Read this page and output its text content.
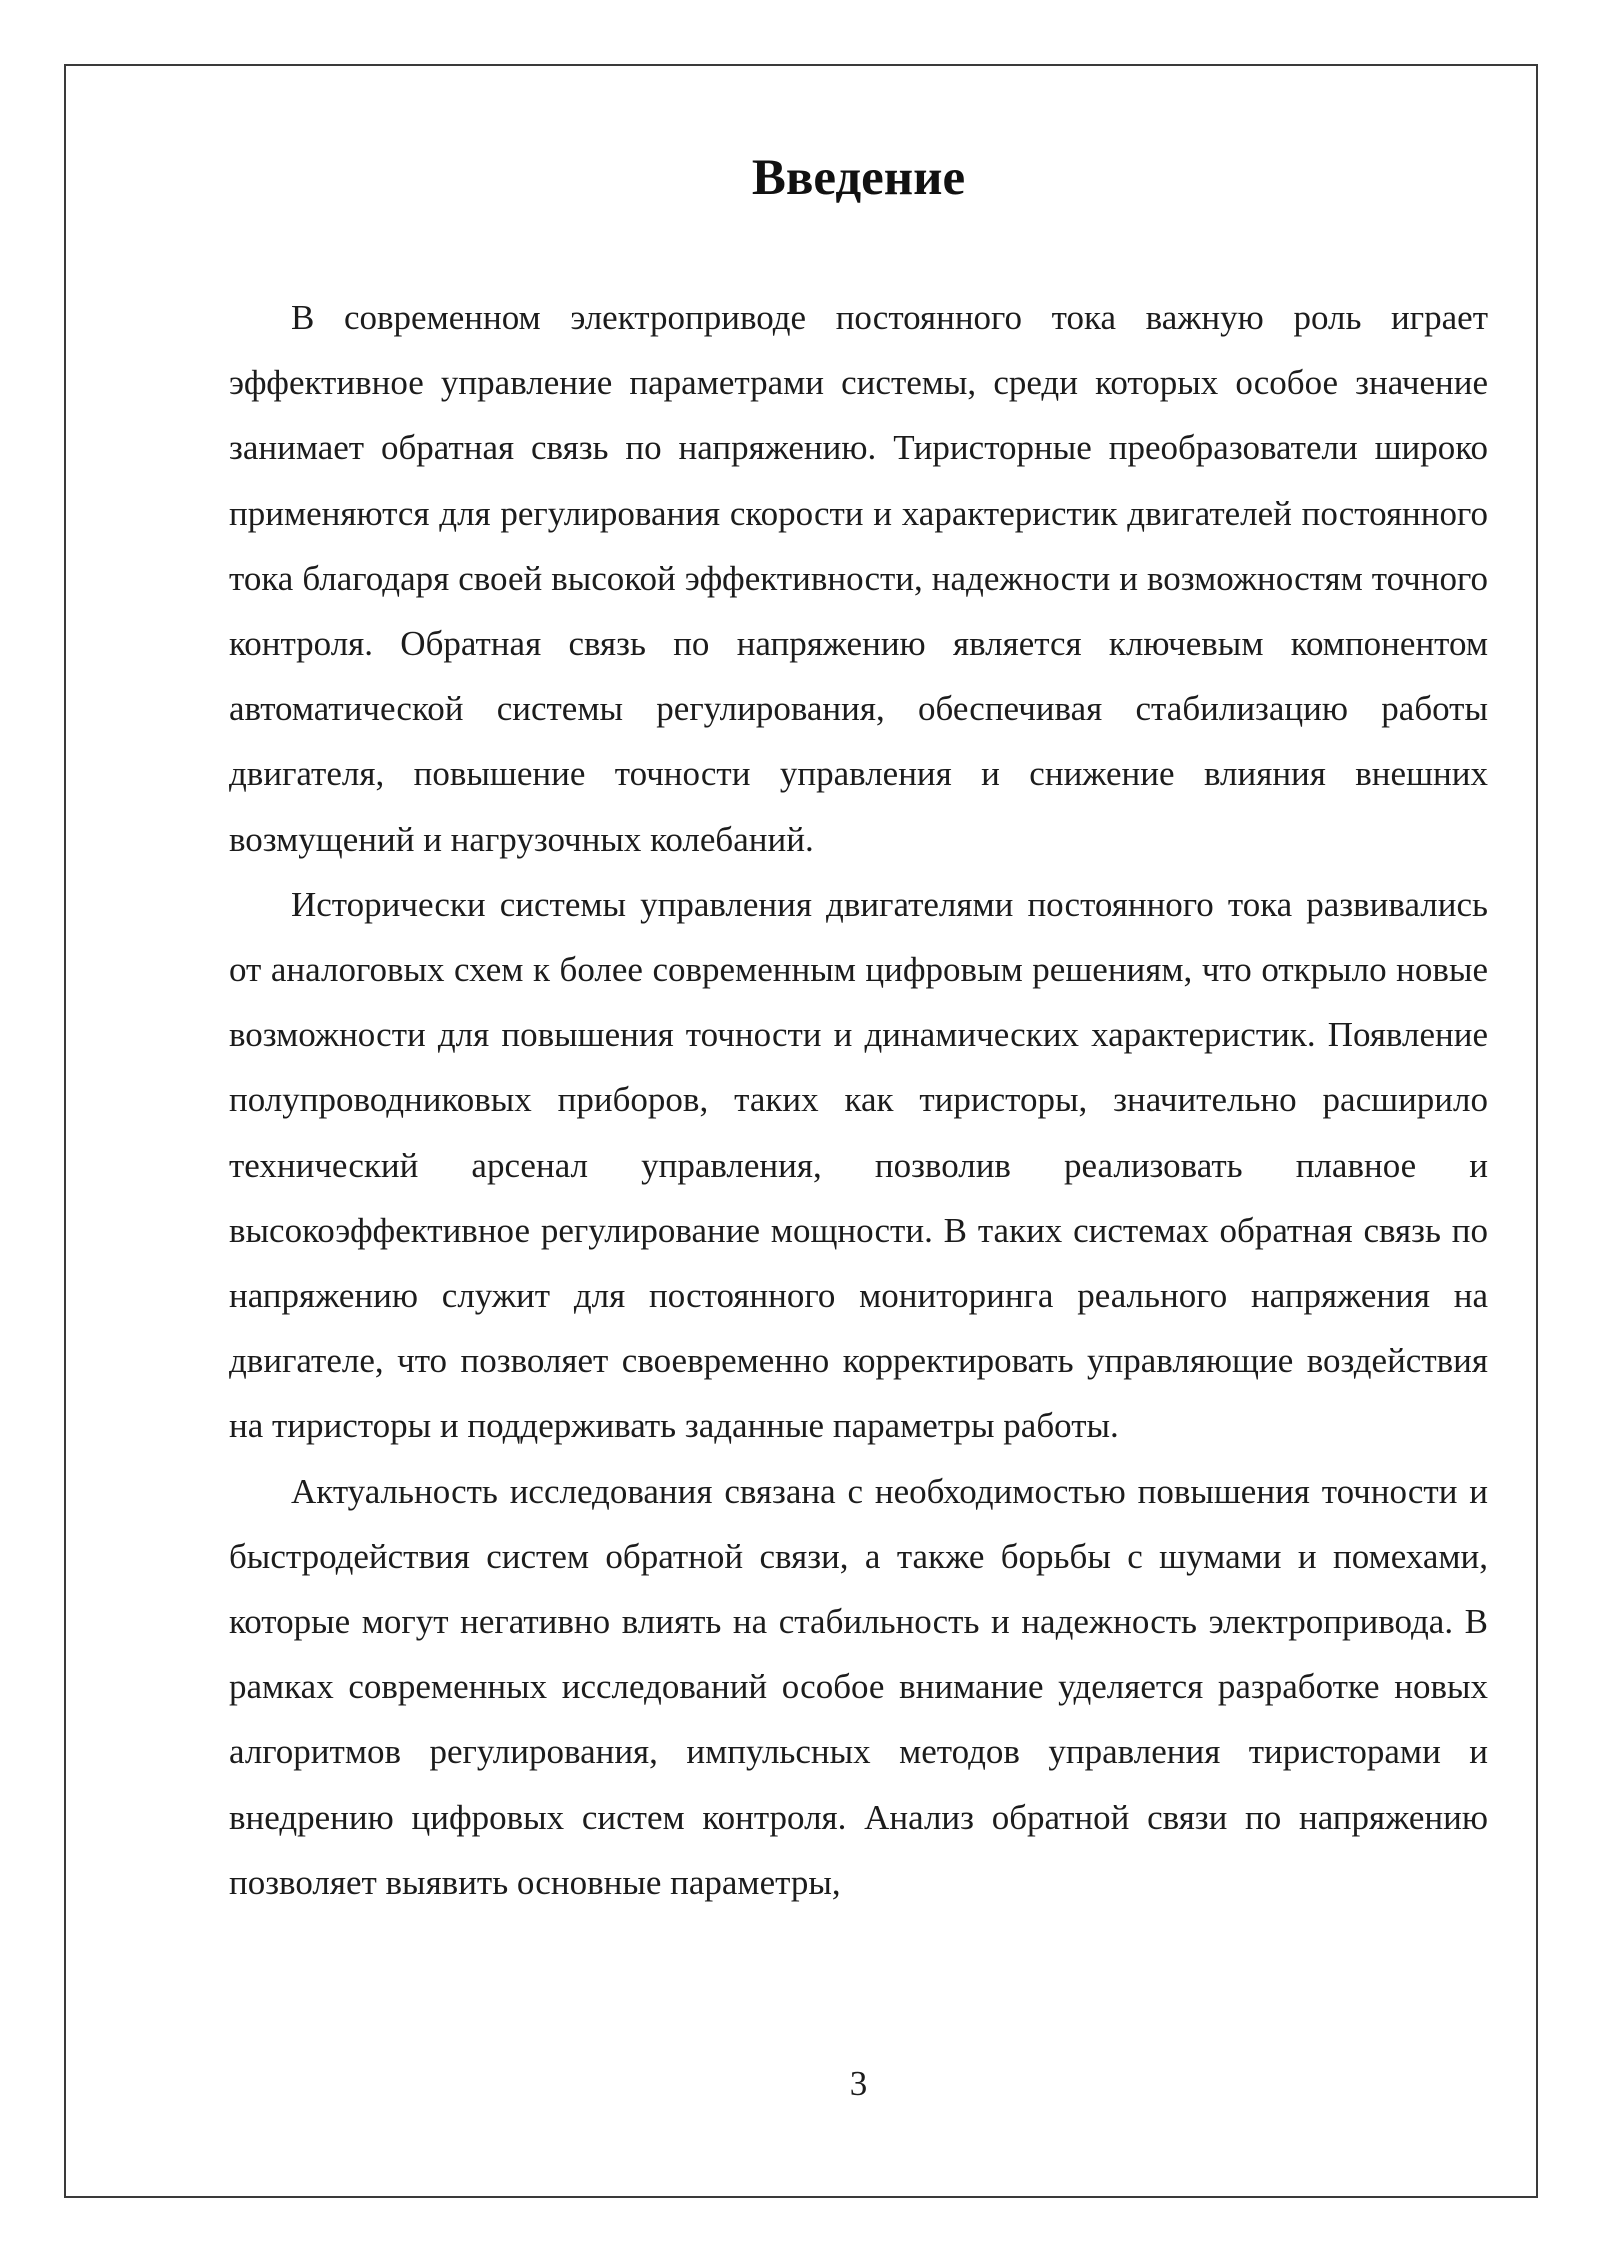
Введение

В современном электроприводе постоянного тока важную роль играет эффективное управление параметрами системы, среди которых особое значение занимает обратная связь по напряжению. Тиристорные преобразователи широко применяются для регулирования скорости и характеристик двигателей постоянного тока благодаря своей высокой эффективности, надежности и возможностям точного контроля. Обратная связь по напряжению является ключевым компонентом автоматической системы регулирования, обеспечивая стабилизацию работы двигателя, повышение точности управления и снижение влияния внешних возмущений и нагрузочных колебаний.

Исторически системы управления двигателями постоянного тока развивались от аналоговых схем к более современным цифровым решениям, что открыло новые возможности для повышения точности и динамических характеристик. Появление полупроводниковых приборов, таких как тиристоры, значительно расширило технический арсенал управления, позволив реализовать плавное и высокоэффективное регулирование мощности. В таких системах обратная связь по напряжению служит для постоянного мониторинга реального напряжения на двигателе, что позволяет своевременно корректировать управляющие воздействия на тиристоры и поддерживать заданные параметры работы.

Актуальность исследования связана с необходимостью повышения точности и быстродействия систем обратной связи, а также борьбы с шумами и помехами, которые могут негативно влиять на стабильность и надежность электропривода. В рамках современных исследований особое внимание уделяется разработке новых алгоритмов регулирования, импульсных методов управления тиристорами и внедрению цифровых систем контроля. Анализ обратной связи по напряжению позволяет выявить основные параметры,

3
